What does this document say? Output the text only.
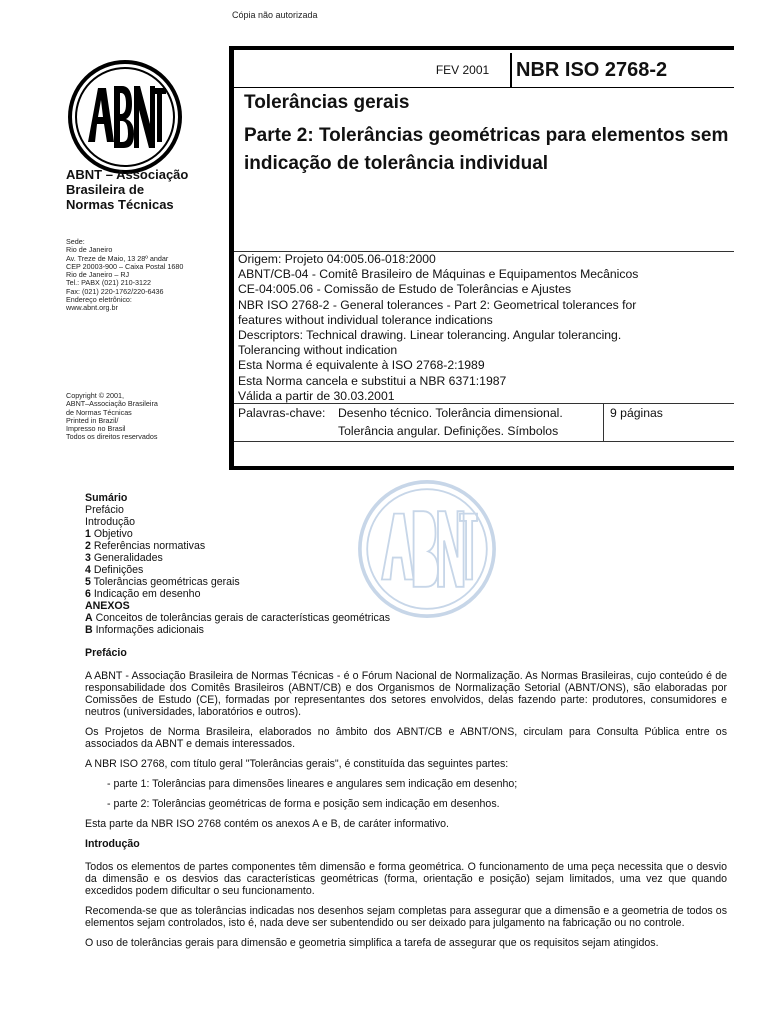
Cópia não autorizada
ABNT – Associação
Brasileira de
Normas Técnicas
Sede:
Rio de Janeiro
Av. Treze de Maio, 13 28º andar
CEP 20003-900 – Caixa Postal 1680
Rio de Janeiro – RJ
Tel.: PABX (021) 210-3122
Fax: (021) 220-1762/220-6436
Endereço eletrônico:
www.abnt.org.br
Copyright © 2001,
ABNT–Associação Brasileira
de Normas Técnicas
Printed in Brazil/
Impresso no Brasil
Todos os direitos reservados
FEV 2001	NBR ISO 2768-2
Tolerâncias gerais
Parte 2: Tolerâncias geométricas para elementos sem indicação de tolerância individual
Origem: Projeto 04:005.06-018:2000
ABNT/CB-04 - Comitê Brasileiro de Máquinas e Equipamentos Mecânicos
CE-04:005.06 - Comissão de Estudo de Tolerâncias e Ajustes
NBR ISO 2768-2 - General tolerances - Part 2: Geometrical tolerances for
features without individual tolerance indications
Descriptors: Technical drawing. Linear tolerancing. Angular tolerancing.
Tolerancing without indication
Esta Norma é equivalente à ISO 2768-2:1989
Esta Norma cancela e substitui a NBR 6371:1987
Válida a partir de 30.03.2001
Palavras-chave: Desenho técnico. Tolerância dimensional.
Tolerância angular. Definições. Símbolos
9 páginas
Sumário
Prefácio
Introdução
1 Objetivo
2 Referências normativas
3 Generalidades
4 Definições
5 Tolerâncias geométricas gerais
6 Indicação em desenho
ANEXOS
A Conceitos de tolerâncias gerais de características geométricas
B Informações adicionais
Prefácio

A ABNT - Associação Brasileira de Normas Técnicas - é o Fórum Nacional de Normalização. As Normas Brasileiras, cujo conteúdo é de responsabilidade dos Comitês Brasileiros (ABNT/CB) e dos Organismos de Normalização Setorial (ABNT/ONS), são elaboradas por Comissões de Estudo (CE), formadas por representantes dos setores envolvidos, delas fazendo parte: produtores, consumidores e neutros (universidades, laboratórios e outros).

Os Projetos de Norma Brasileira, elaborados no âmbito dos ABNT/CB e ABNT/ONS, circulam para Consulta Pública entre os associados da ABNT e demais interessados.

A NBR ISO 2768, com título geral "Tolerâncias gerais", é constituída das seguintes partes:

- parte 1: Tolerâncias para dimensões lineares e angulares sem indicação em desenho;

- parte 2: Tolerâncias geométricas de forma e posição sem indicação em desenhos.

Esta parte da NBR ISO 2768 contém os anexos A e B, de caráter informativo.

Introdução

Todos os elementos de partes componentes têm dimensão e forma geométrica. O funcionamento de uma peça necessita que o desvio da dimensão e os desvios das características geométricas (forma, orientação e posição) sejam limitados, uma vez que quando excedidos podem dificultar o seu funcionamento.

Recomenda-se que as tolerâncias indicadas nos desenhos sejam completas para assegurar que a dimensão e a geometria de todos os elementos sejam controlados, isto é, nada deve ser subentendido ou ser deixado para julgamento na fabricação ou no controle.

O uso de tolerâncias gerais para dimensão e geometria simplifica a tarefa de assegurar que os requisitos sejam atingidos.
